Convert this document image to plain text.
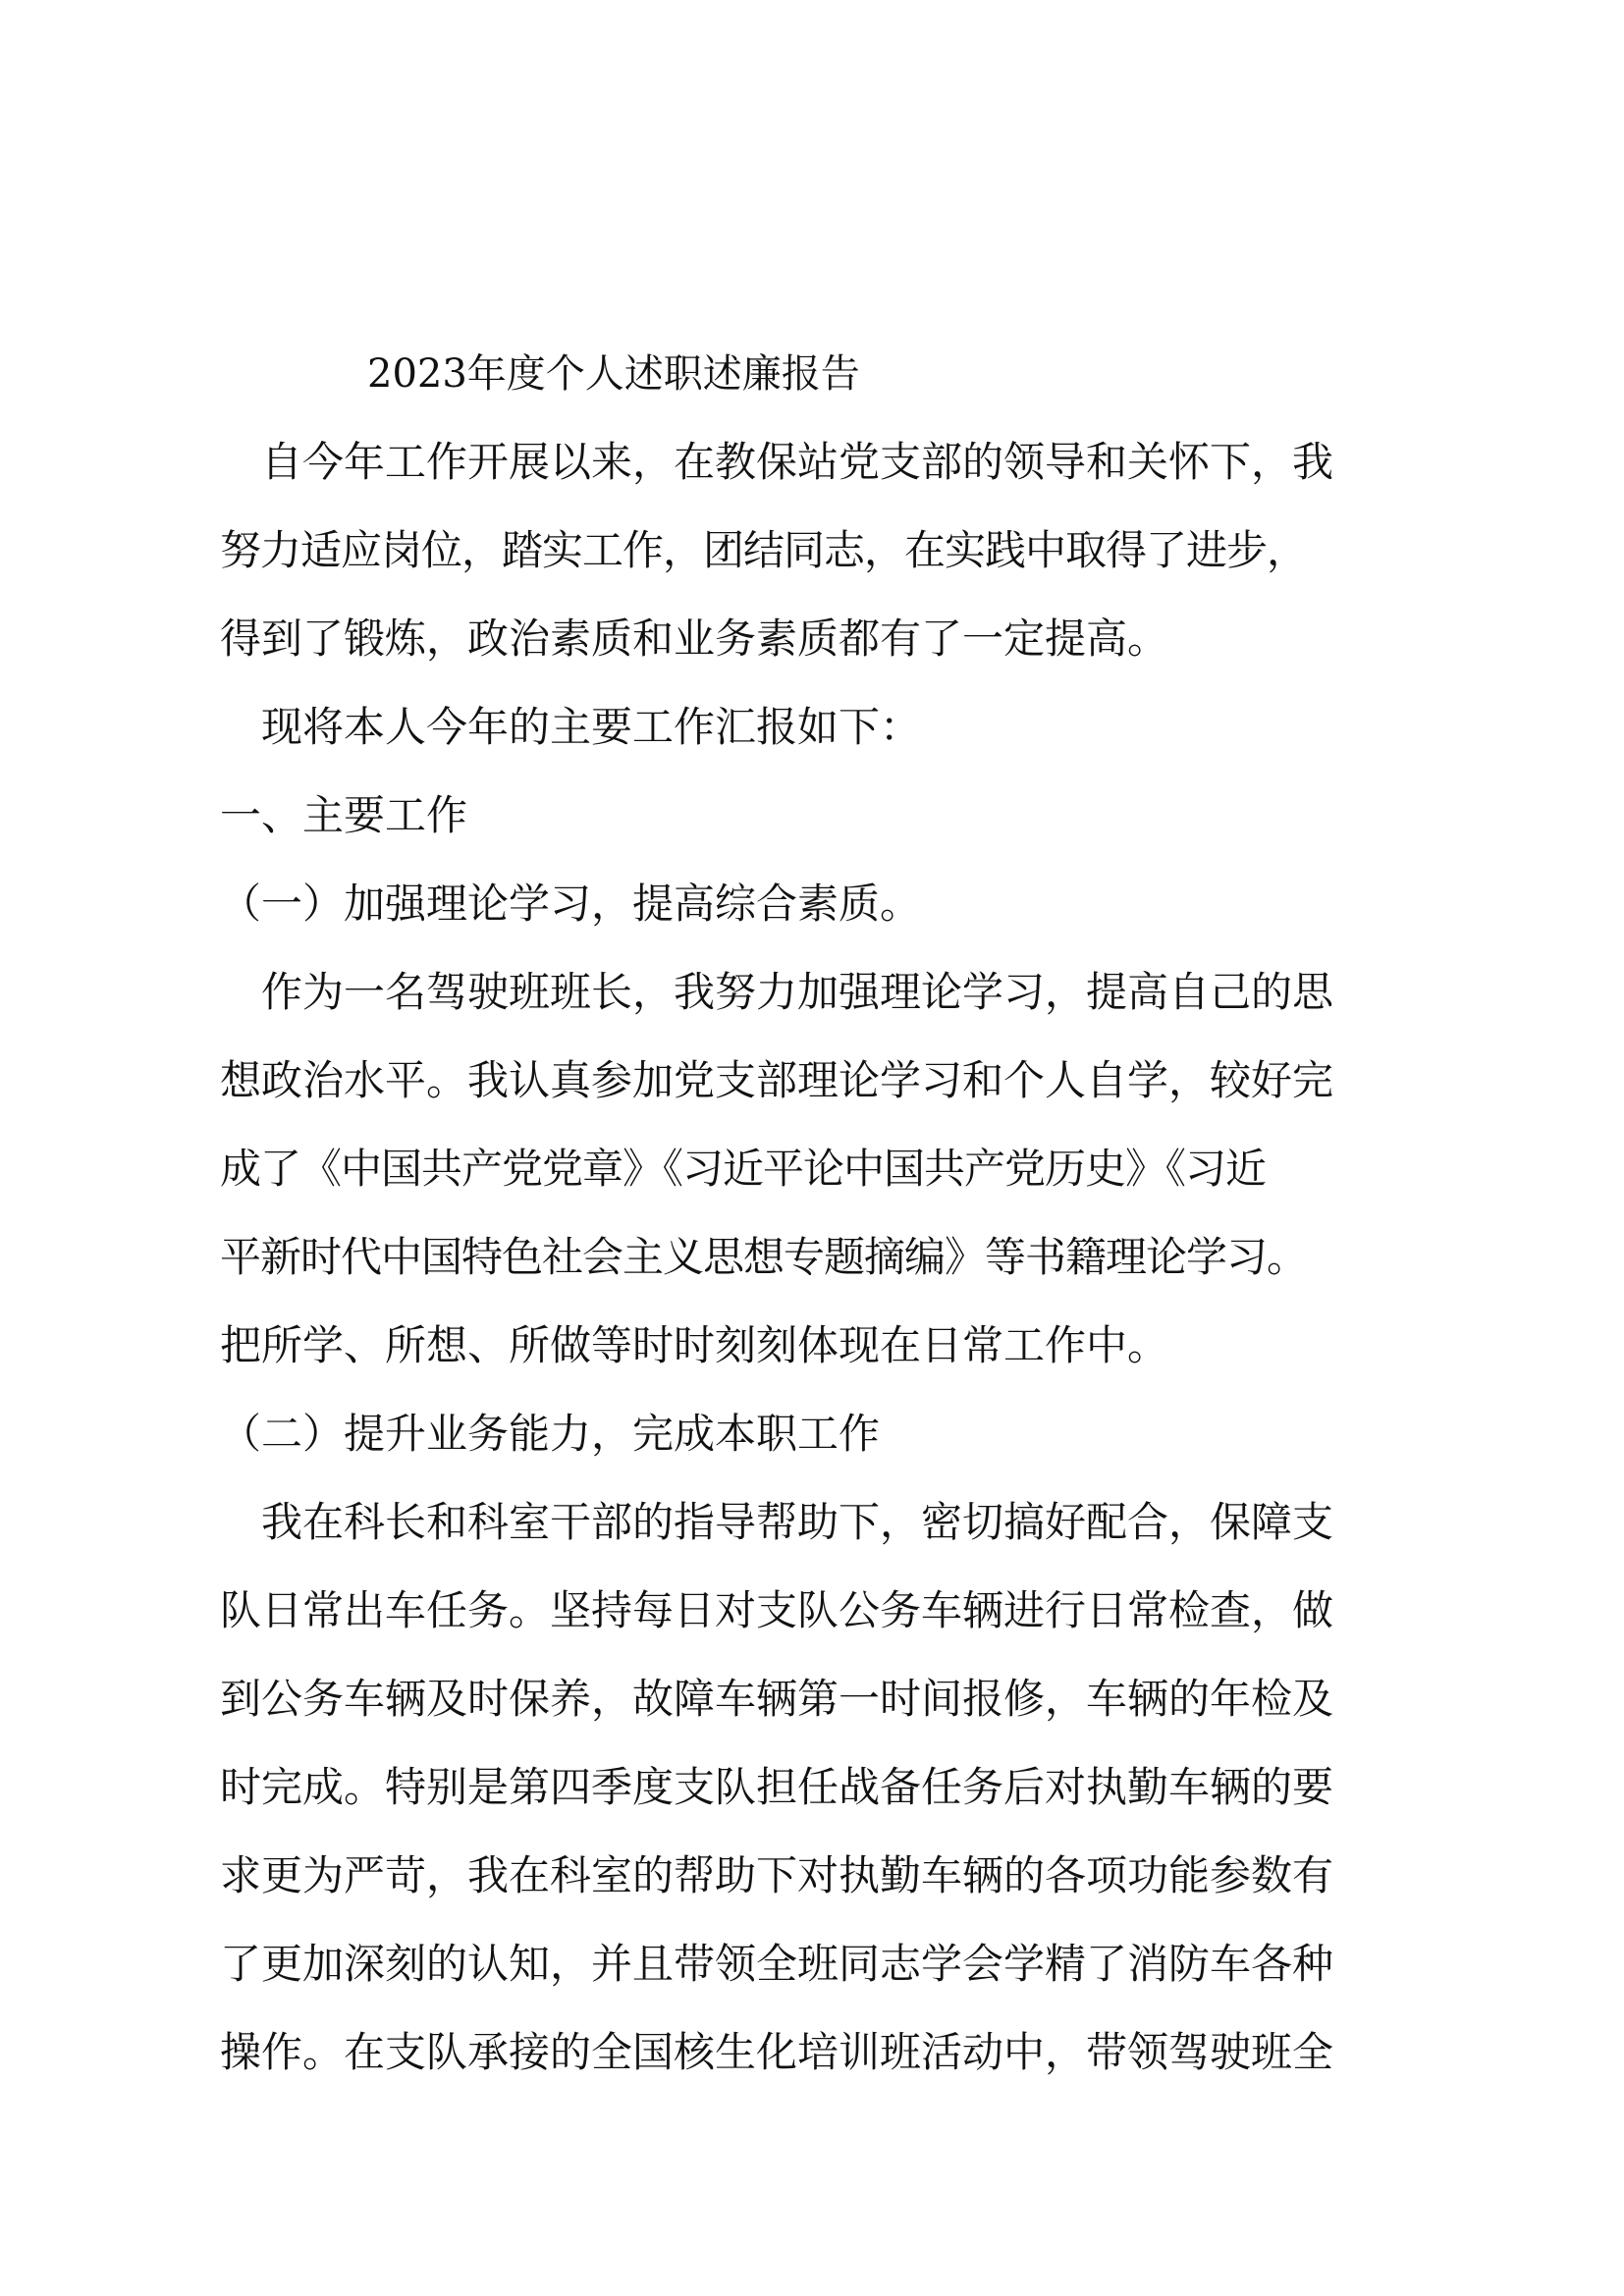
2023年度个人述职述廉报告
自今年工作开展以来，在教保站党支部的领导和关怀下，我
努力适应岗位，踏实工作，团结同志，在实践中取得了进步，
得到了锻炼，政治素质和业务素质都有了一定提高。
现将本人今年的主要工作汇报如下：
一、主要工作
（一）加强理论学习，提高综合素质。
作为一名驾驶班班长，我努力加强理论学习，提高自己的思
想政治水平。我认真参加党支部理论学习和个人自学，较好完
成了《中国共产党党章》《习近平论中国共产党历史》《习近
平新时代中国特色社会主义思想专题摘编》等书籍理论学习。
把所学、所想、所做等时时刻刻体现在日常工作中。
（二）提升业务能力，完成本职工作
我在科长和科室干部的指导帮助下，密切搞好配合，保障支
队日常出车任务。坚持每日对支队公务车辆进行日常检查，做
到公务车辆及时保养，故障车辆第一时间报修，车辆的年检及
时完成。特别是第四季度支队担任战备任务后对执勤车辆的要
求更为严苛，我在科室的帮助下对执勤车辆的各项功能参数有
了更加深刻的认知，并且带领全班同志学会学精了消防车各种
操作。在支队承接的全国核生化培训班活动中，带领驾驶班全
